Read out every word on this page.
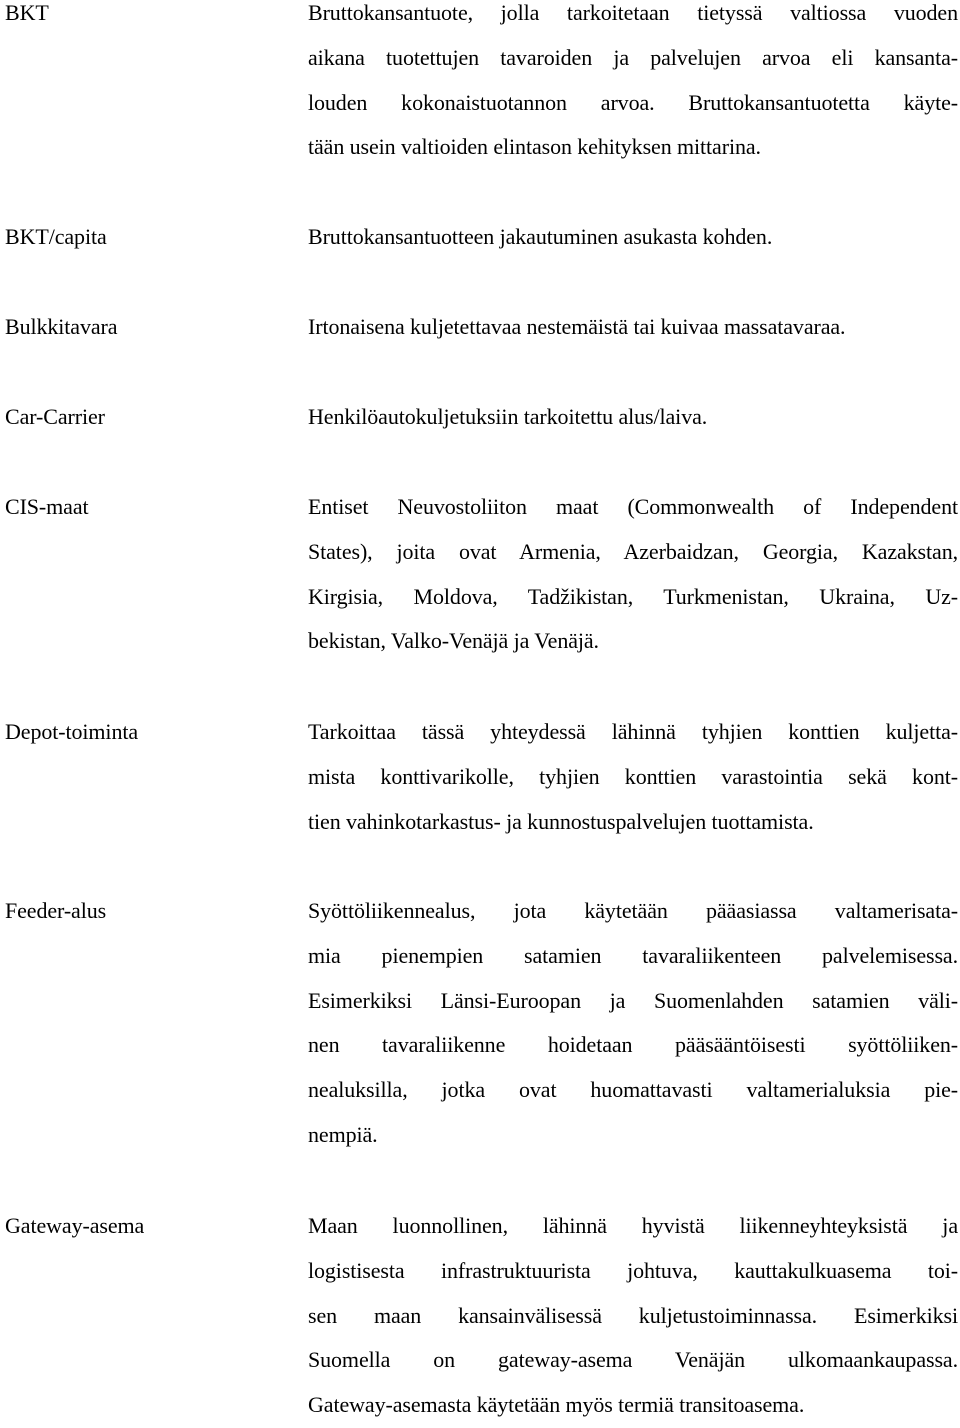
BKT	Bruttokansantuote, jolla tarkoitetaan tietyssä valtiossa vuoden
aikana tuotettujen tavaroiden ja palvelujen arvoa eli kansanta-
louden kokonaistuotannon arvoa. Bruttokansantuotetta käyte-
tään usein valtioiden elintason kehityksen mittarina.
BKT/capita	Bruttokansantuotteen jakautuminen asukasta kohden.
Bulkkitavara	Irtonaisena kuljetettavaa nestemäistä tai kuivaa massatavaraa.
Car-Carrier	Henkilöautokuljetuksiin tarkoitettu alus/laiva.
CIS-maat	Entiset Neuvostoliiton maat (Commonwealth of Independent
States), joita ovat Armenia, Azerbaidzan, Georgia, Kazakstan,
Kirgisia, Moldova, Tadžikistan, Turkmenistan, Ukraina, Uz-
bekistan, Valko-Venäjä ja Venäjä.
Depot-toiminta	Tarkoittaa tässä yhteydessä lähinnä tyhjien konttien kuljetta-
mista konttivarikolle, tyhjien konttien varastointia sekä kont-
tien vahinkotarkastus- ja kunnostuspalvelujen tuottamista.
Feeder-alus	Syöttöliikennealus, jota käytetään pääasiassa valtamerisata-
mia pienempien satamien tavaraliikenteen palvelemisessa.
Esimerkiksi Länsi-Euroopan ja Suomenlahden satamien väli-
nen tavaraliikenne hoidetaan pääsääntöisesti syöttöliiken-
nealuksilla, jotka ovat huomattavasti valtamerialuksia pie-
nempiä.
Gateway-asema	Maan luonnollinen, lähinnä hyvistä liikenneyhteyksistä ja
logistisesta infrastruktuurista johtuva, kauttakulkuasema toi-
sen maan kansainvälisessä kuljetustoiminnassa. Esimerkiksi
Suomella on gateway-asema Venäjän ulkomaankaupassa.
Gateway-asemasta käytetään myös termiä transitoasema.
